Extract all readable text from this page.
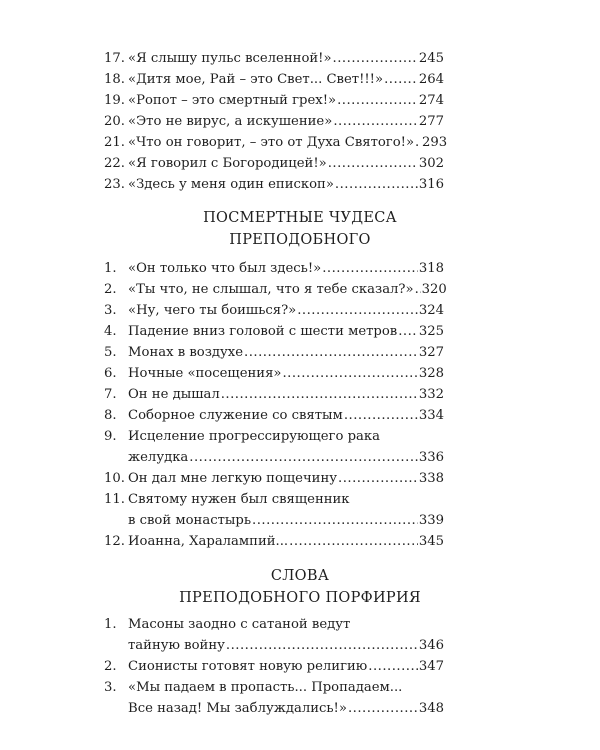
17. «Я слышу пульс вселенной!» .....	245
18. «Дитя мое, Рай – это Свет... Свет!!!» .....	264
19. «Ропот – это смертный грех!» .....	274
20. «Это не вирус, а искушение» .....	277
21. «Что он говорит, – это от Духа Святого!» ..... 293
22. «Я говорил с Богородицей!» .....	302
23. «Здесь у меня один епископ» .....	316
ПОСМЕРТНЫЕ ЧУДЕСА
ПРЕПОДОБНОГО
1. «Он только что был здесь!» .....	318
2. «Ты что, не слышал, что я тебе сказал?» ..... 320
3. «Ну, чего ты боишься?» .....	324
4. Падение вниз головой с шести метров ..... 325
5. Монах в воздухе .....	327
6. Ночные «посещения» .....	328
7. Он не дышал .....	332
8. Соборное служение со святым .....	334
9. Исцеление прогрессирующего рака
желудка .....	336
10. Он дал мне легкую пощечину .....	338
11. Святому нужен был священник
в свой монастырь .....	339
12. Иоанна, Харалампий... .....	345
СЛОВА
ПРЕПОДОБНОГО ПОРФИРИЯ
1. Масоны заодно с сатаной ведут
тайную войну .....	346
2. Сионисты готовят новую религию .....	347
3. «Мы падаем в пропасть... Пропадаем...
Все назад! Мы заблуждались!» .....	348
